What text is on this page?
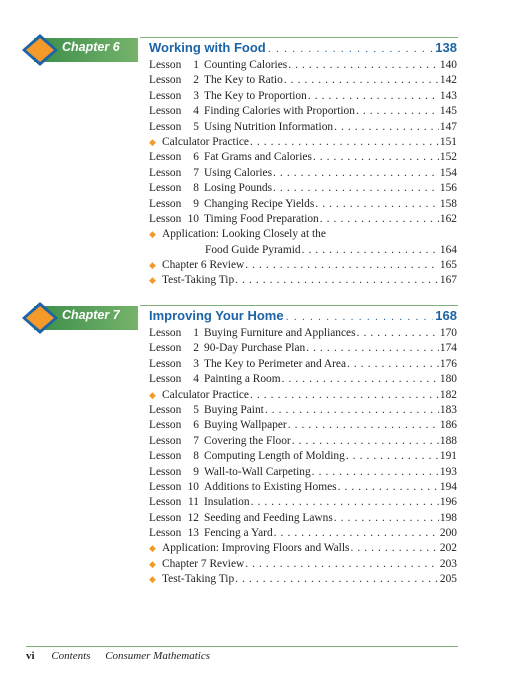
Chapter 6 Working with Food . . .	138
Lesson	1 Counting Calories . . .	140
Lesson	2 The Key to Ratio . . .	142
Lesson	3 The Key to Proportion . . .	143
Lesson	4 Finding Calories with Proportion . . .	145
Lesson	5 Using Nutrition Information . . .	147
◆ Calculator Practice . . .	151
Lesson	6 Fat Grams and Calories . . .	152
Lesson	7 Using Calories . . .	154
Lesson	8 Losing Pounds . . .	156
Lesson	9 Changing Recipe Yields . . .	158
Lesson 10 Timing Food Preparation . . .	162
◆ Application: Looking Closely at the
Food Guide Pyramid . . .	164
◆ Chapter 6 Review . . .	165
◆ Test-Taking Tip . . .	167
Chapter 7 Improving Your Home . . .	168
Lesson	1 Buying Furniture and Appliances . . .	170
Lesson	2 90-Day Purchase Plan . . .	174
Lesson	3 The Key to Perimeter and Area . . .	176
Lesson	4 Painting a Room . . .	180
◆ Calculator Practice . . .	182
Lesson	5 Buying Paint . . .	183
Lesson	6 Buying Wallpaper . . .	186
Lesson	7 Covering the Floor . . .	188
Lesson	8 Computing Length of Molding . . .	191
Lesson	9 Wall-to-Wall Carpeting . . .	193
Lesson 10 Additions to Existing Homes . . .	194
Lesson 11 Insulation . . .	196
Lesson 12 Seeding and Feeding Lawns . . .	198
Lesson 13 Fencing a Yard . . .	200
◆ Application: Improving Floors and Walls . . .	202
◆ Chapter 7 Review . . .	203
◆ Test-Taking Tip . . .	205
vi Contents Consumer Mathematics
